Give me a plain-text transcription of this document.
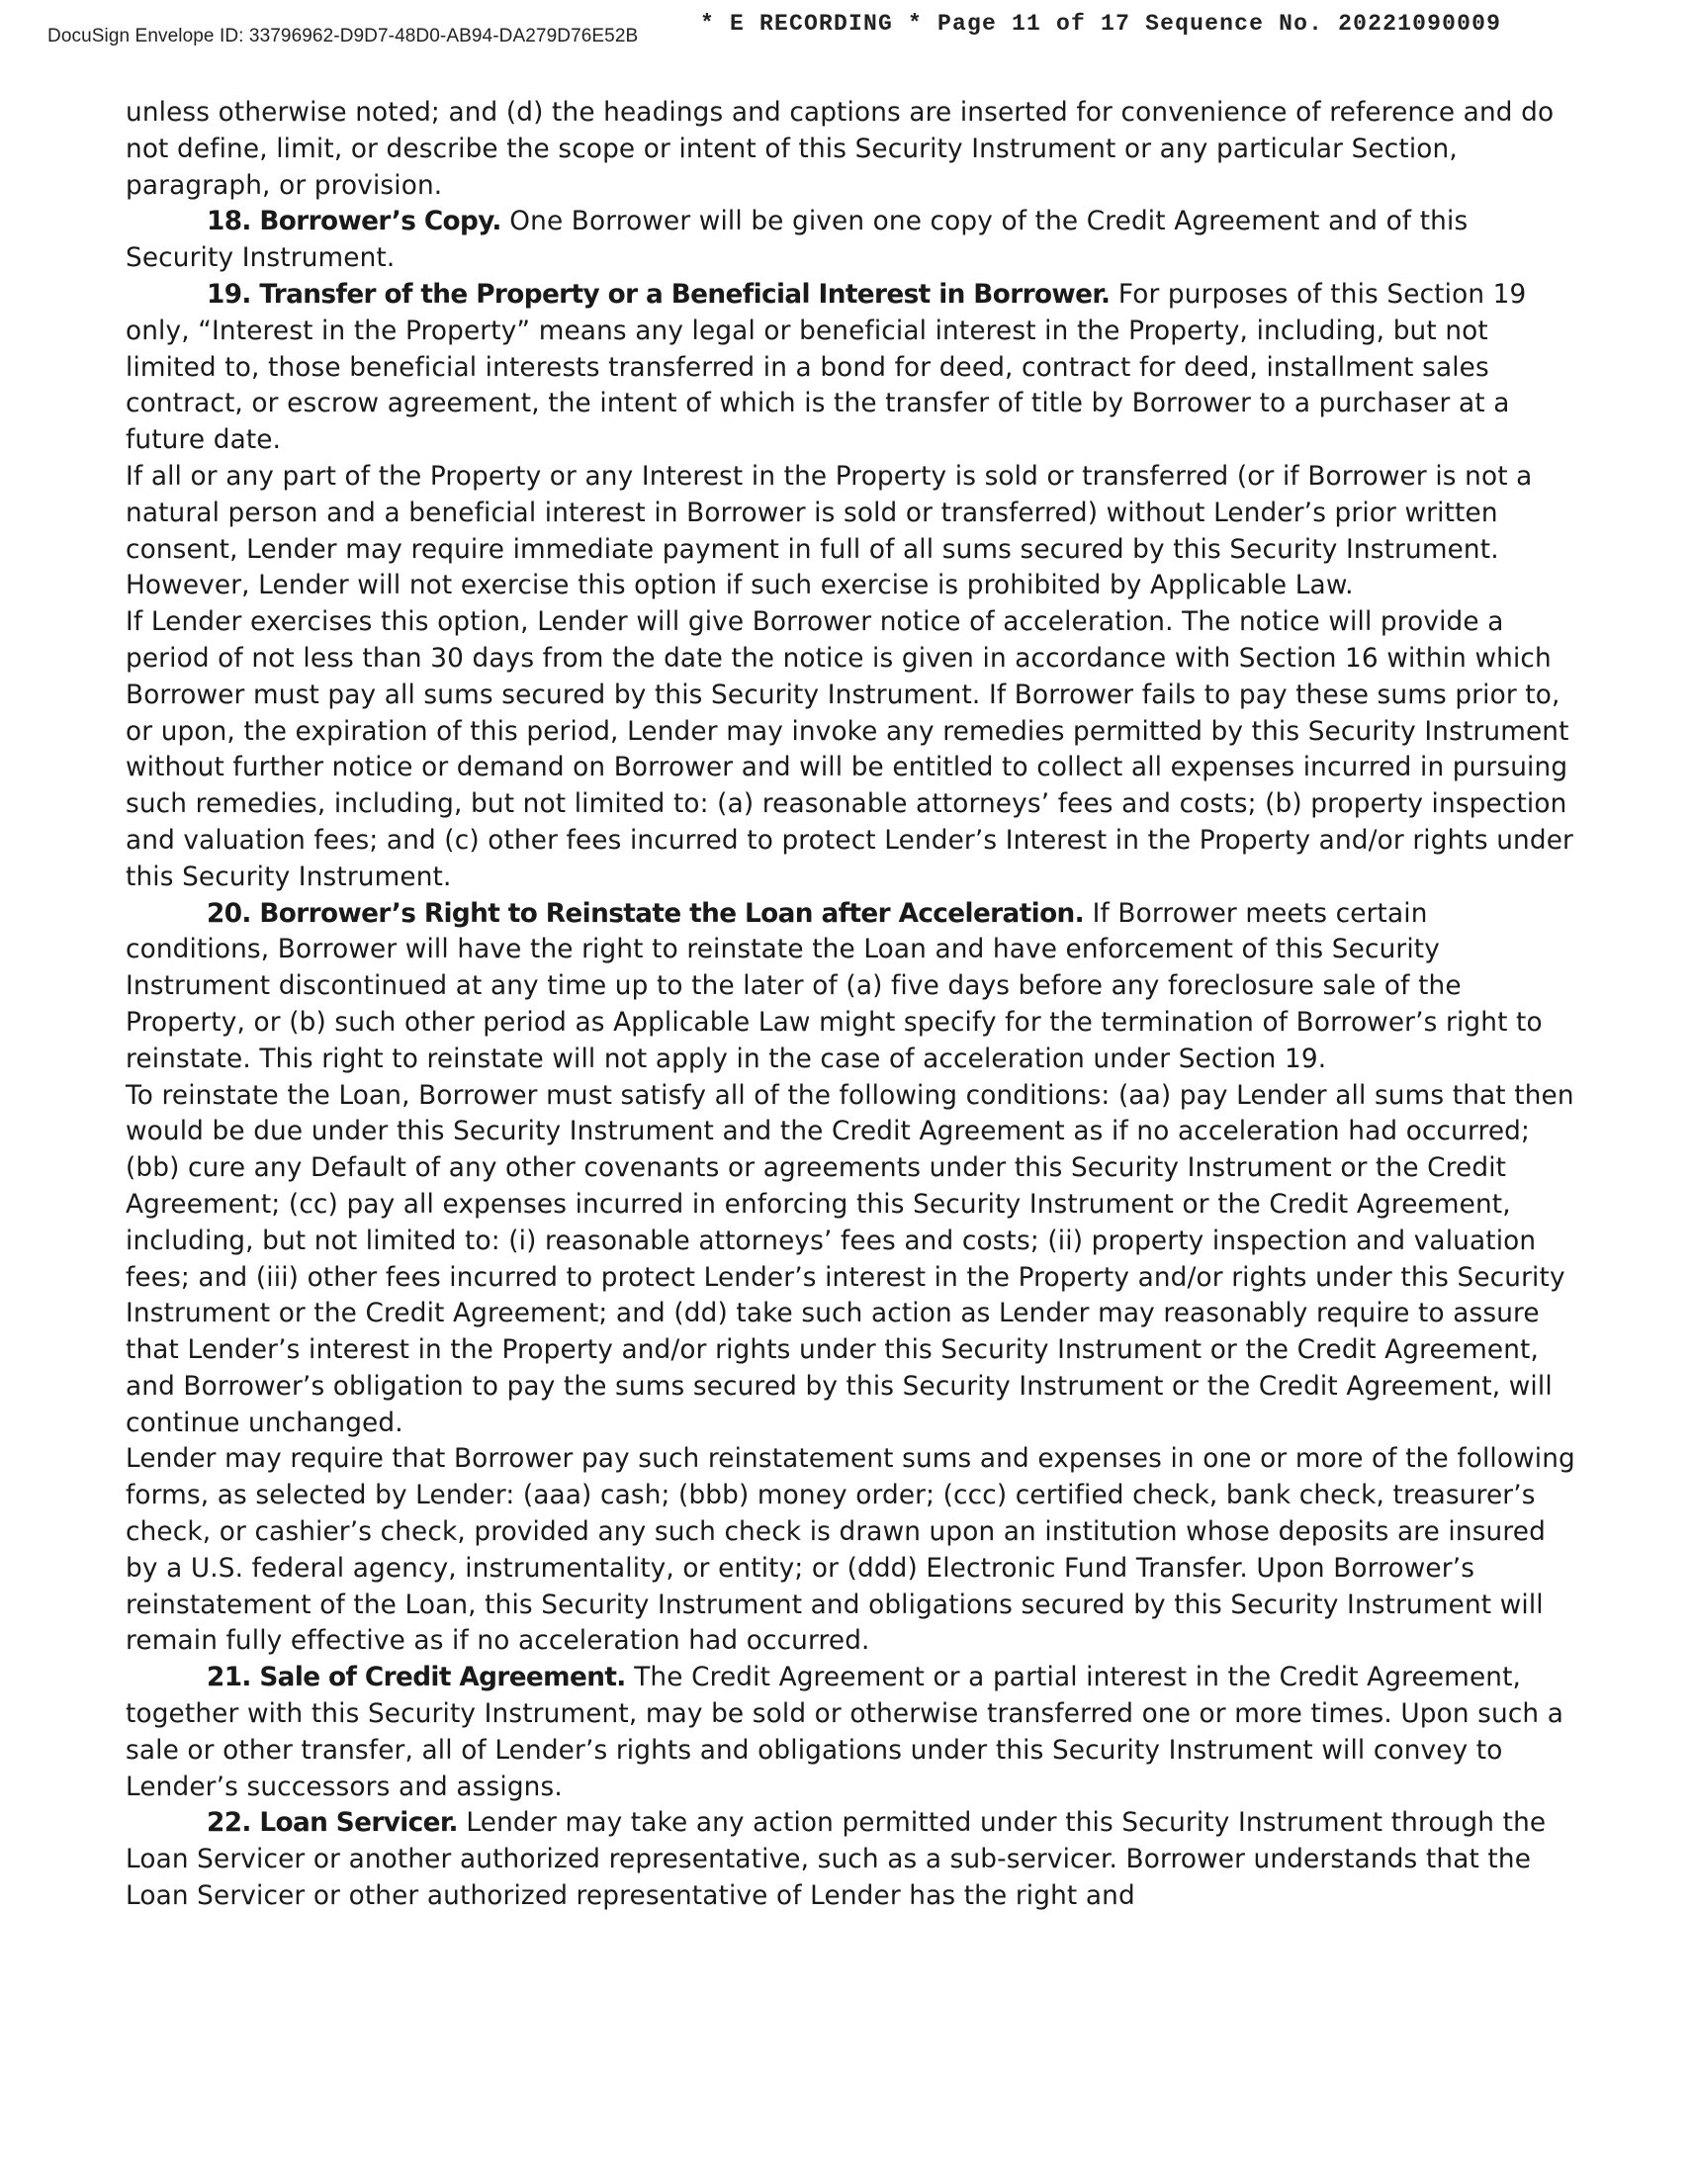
DocuSign Envelope ID: 33796962-D9D7-48D0-AB94-DA279D76E52B	* E RECORDING * Page 11 of 17 Sequence No. 20221090009

unless otherwise noted; and (d) the headings and captions are inserted for convenience of reference and do not define, limit, or describe the scope or intent of this Security Instrument or any particular Section, paragraph, or provision.

18. Borrower’s Copy. One Borrower will be given one copy of the Credit Agreement and of this Security Instrument.

19. Transfer of the Property or a Beneficial Interest in Borrower. For purposes of this Section 19 only, “Interest in the Property” means any legal or beneficial interest in the Property, including, but not limited to, those beneficial interests transferred in a bond for deed, contract for deed, installment sales contract, or escrow agreement, the intent of which is the transfer of title by Borrower to a purchaser at a future date.

If all or any part of the Property or any Interest in the Property is sold or transferred (or if Borrower is not a natural person and a beneficial interest in Borrower is sold or transferred) without Lender’s prior written consent, Lender may require immediate payment in full of all sums secured by this Security Instrument. However, Lender will not exercise this option if such exercise is prohibited by Applicable Law.

If Lender exercises this option, Lender will give Borrower notice of acceleration. The notice will provide a period of not less than 30 days from the date the notice is given in accordance with Section 16 within which Borrower must pay all sums secured by this Security Instrument. If Borrower fails to pay these sums prior to, or upon, the expiration of this period, Lender may invoke any remedies permitted by this Security Instrument without further notice or demand on Borrower and will be entitled to collect all expenses incurred in pursuing such remedies, including, but not limited to: (a) reasonable attorneys’ fees and costs; (b) property inspection and valuation fees; and (c) other fees incurred to protect Lender’s Interest in the Property and/or rights under this Security Instrument.

20. Borrower’s Right to Reinstate the Loan after Acceleration. If Borrower meets certain conditions, Borrower will have the right to reinstate the Loan and have enforcement of this Security Instrument discontinued at any time up to the later of (a) five days before any foreclosure sale of the Property, or (b) such other period as Applicable Law might specify for the termination of Borrower’s right to reinstate. This right to reinstate will not apply in the case of acceleration under Section 19.

To reinstate the Loan, Borrower must satisfy all of the following conditions: (aa) pay Lender all sums that then would be due under this Security Instrument and the Credit Agreement as if no acceleration had occurred; (bb) cure any Default of any other covenants or agreements under this Security Instrument or the Credit Agreement; (cc) pay all expenses incurred in enforcing this Security Instrument or the Credit Agreement, including, but not limited to: (i) reasonable attorneys’ fees and costs; (ii) property inspection and valuation fees; and (iii) other fees incurred to protect Lender’s interest in the Property and/or rights under this Security Instrument or the Credit Agreement; and (dd) take such action as Lender may reasonably require to assure that Lender’s interest in the Property and/or rights under this Security Instrument or the Credit Agreement, and Borrower’s obligation to pay the sums secured by this Security Instrument or the Credit Agreement, will continue unchanged.

Lender may require that Borrower pay such reinstatement sums and expenses in one or more of the following forms, as selected by Lender: (aaa) cash; (bbb) money order; (ccc) certified check, bank check, treasurer’s check, or cashier’s check, provided any such check is drawn upon an institution whose deposits are insured by a U.S. federal agency, instrumentality, or entity; or (ddd) Electronic Fund Transfer. Upon Borrower’s reinstatement of the Loan, this Security Instrument and obligations secured by this Security Instrument will remain fully effective as if no acceleration had occurred.

21. Sale of Credit Agreement. The Credit Agreement or a partial interest in the Credit Agreement, together with this Security Instrument, may be sold or otherwise transferred one or more times. Upon such a sale or other transfer, all of Lender’s rights and obligations under this Security Instrument will convey to Lender’s successors and assigns.

22. Loan Servicer. Lender may take any action permitted under this Security Instrument through the Loan Servicer or another authorized representative, such as a sub-servicer. Borrower understands that the Loan Servicer or other authorized representative of Lender has the right and
